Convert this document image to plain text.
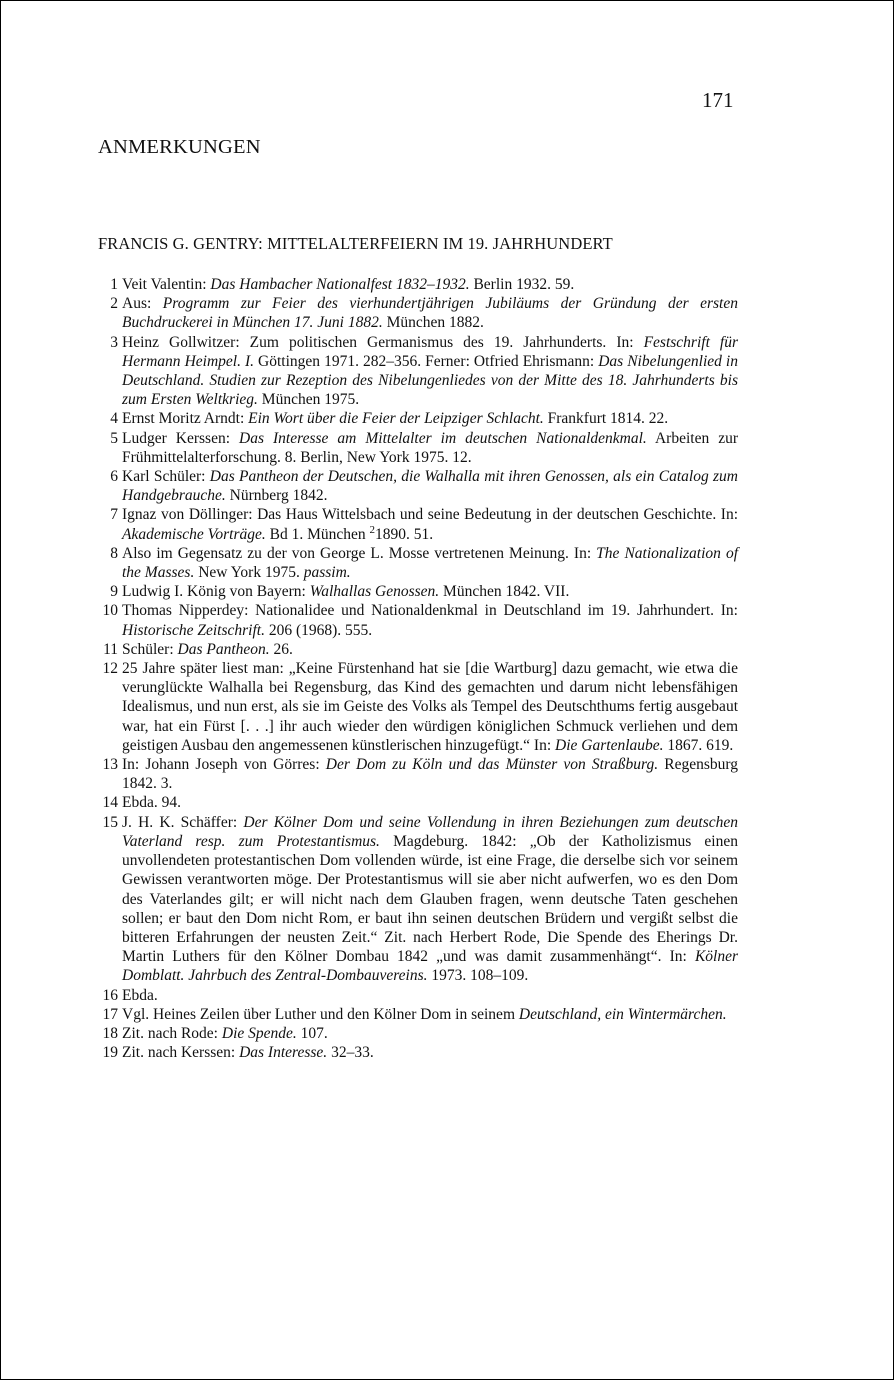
171
ANMERKUNGEN
FRANCIS G. GENTRY: MITTELALTERFEIERN IM 19. JAHRHUNDERT
1 Veit Valentin: Das Hambacher Nationalfest 1832–1932. Berlin 1932. 59.
2 Aus: Programm zur Feier des vierhundertjährigen Jubiläums der Gründung der ersten Buchdruckerei in München 17. Juni 1882. München 1882.
3 Heinz Gollwitzer: Zum politischen Germanismus des 19. Jahrhunderts. In: Festschrift für Hermann Heimpel. I. Göttingen 1971. 282–356. Ferner: Otfried Ehrismann: Das Nibelungenlied in Deutschland. Studien zur Rezeption des Nibelungenliedes von der Mitte des 18. Jahrhunderts bis zum Ersten Weltkrieg. München 1975.
4 Ernst Moritz Arndt: Ein Wort über die Feier der Leipziger Schlacht. Frankfurt 1814. 22.
5 Ludger Kerssen: Das Interesse am Mittelalter im deutschen Nationaldenkmal. Arbeiten zur Frühmittelalterforschung. 8. Berlin, New York 1975. 12.
6 Karl Schüler: Das Pantheon der Deutschen, die Walhalla mit ihren Genossen, als ein Catalog zum Handgebrauche. Nürnberg 1842.
7 Ignaz von Döllinger: Das Haus Wittelsbach und seine Bedeutung in der deutschen Geschichte. In: Akademische Vorträge. Bd 1. München $^2$1890. 51.
8 Also im Gegensatz zu der von George L. Mosse vertretenen Meinung. In: The Nationalization of the Masses. New York 1975. passim.
9 Ludwig I. König von Bayern: Walhallas Genossen. München 1842. VII.
10 Thomas Nipperdey: Nationalidee und Nationaldenkmal in Deutschland im 19. Jahrhundert. In: Historische Zeitschrift. 206 (1968). 555.
11 Schüler: Das Pantheon. 26.
12 25 Jahre später liest man: „Keine Fürstenhand hat sie [die Wartburg] dazu gemacht, wie etwa die verunglückte Walhalla bei Regensburg, das Kind des gemachten und darum nicht lebensfähigen Idealismus, und nun erst, als sie im Geiste des Volks als Tempel des Deutschthums fertig ausgebaut war, hat ein Fürst [. . .] ihr auch wieder den würdigen königlichen Schmuck verliehen und dem geistigen Ausbau den angemessenen künstlerischen hinzugefügt.“ In: Die Gartenlaube. 1867. 619.
13 In: Johann Joseph von Görres: Der Dom zu Köln und das Münster von Straßburg. Regensburg 1842. 3.
14 Ebda. 94.
15 J. H. K. Schäffer: Der Kölner Dom und seine Vollendung in ihren Beziehungen zum deutschen Vaterland resp. zum Protestantismus. Magdeburg. 1842: „Ob der Katholizismus einen unvollendeten protestantischen Dom vollenden würde, ist eine Frage, die derselbe sich vor seinem Gewissen verantworten möge. Der Protestantismus will sie aber nicht aufwerfen, wo es den Dom des Vaterlandes gilt; er will nicht nach dem Glauben fragen, wenn deutsche Taten geschehen sollen; er baut den Dom nicht Rom, er baut ihn seinen deutschen Brüdern und vergißt selbst die bitteren Erfahrungen der neusten Zeit.“ Zit. nach Herbert Rode, Die Spende des Eherings Dr. Martin Luthers für den Kölner Dombau 1842 „und was damit zusammenhängt“. In: Kölner Domblatt. Jahrbuch des Zentral-Dombauvereins. 1973. 108–109.
16 Ebda.
17 Vgl. Heines Zeilen über Luther und den Kölner Dom in seinem Deutschland, ein Wintermärchen.
18 Zit. nach Rode: Die Spende. 107.
19 Zit. nach Kerssen: Das Interesse. 32–33.
